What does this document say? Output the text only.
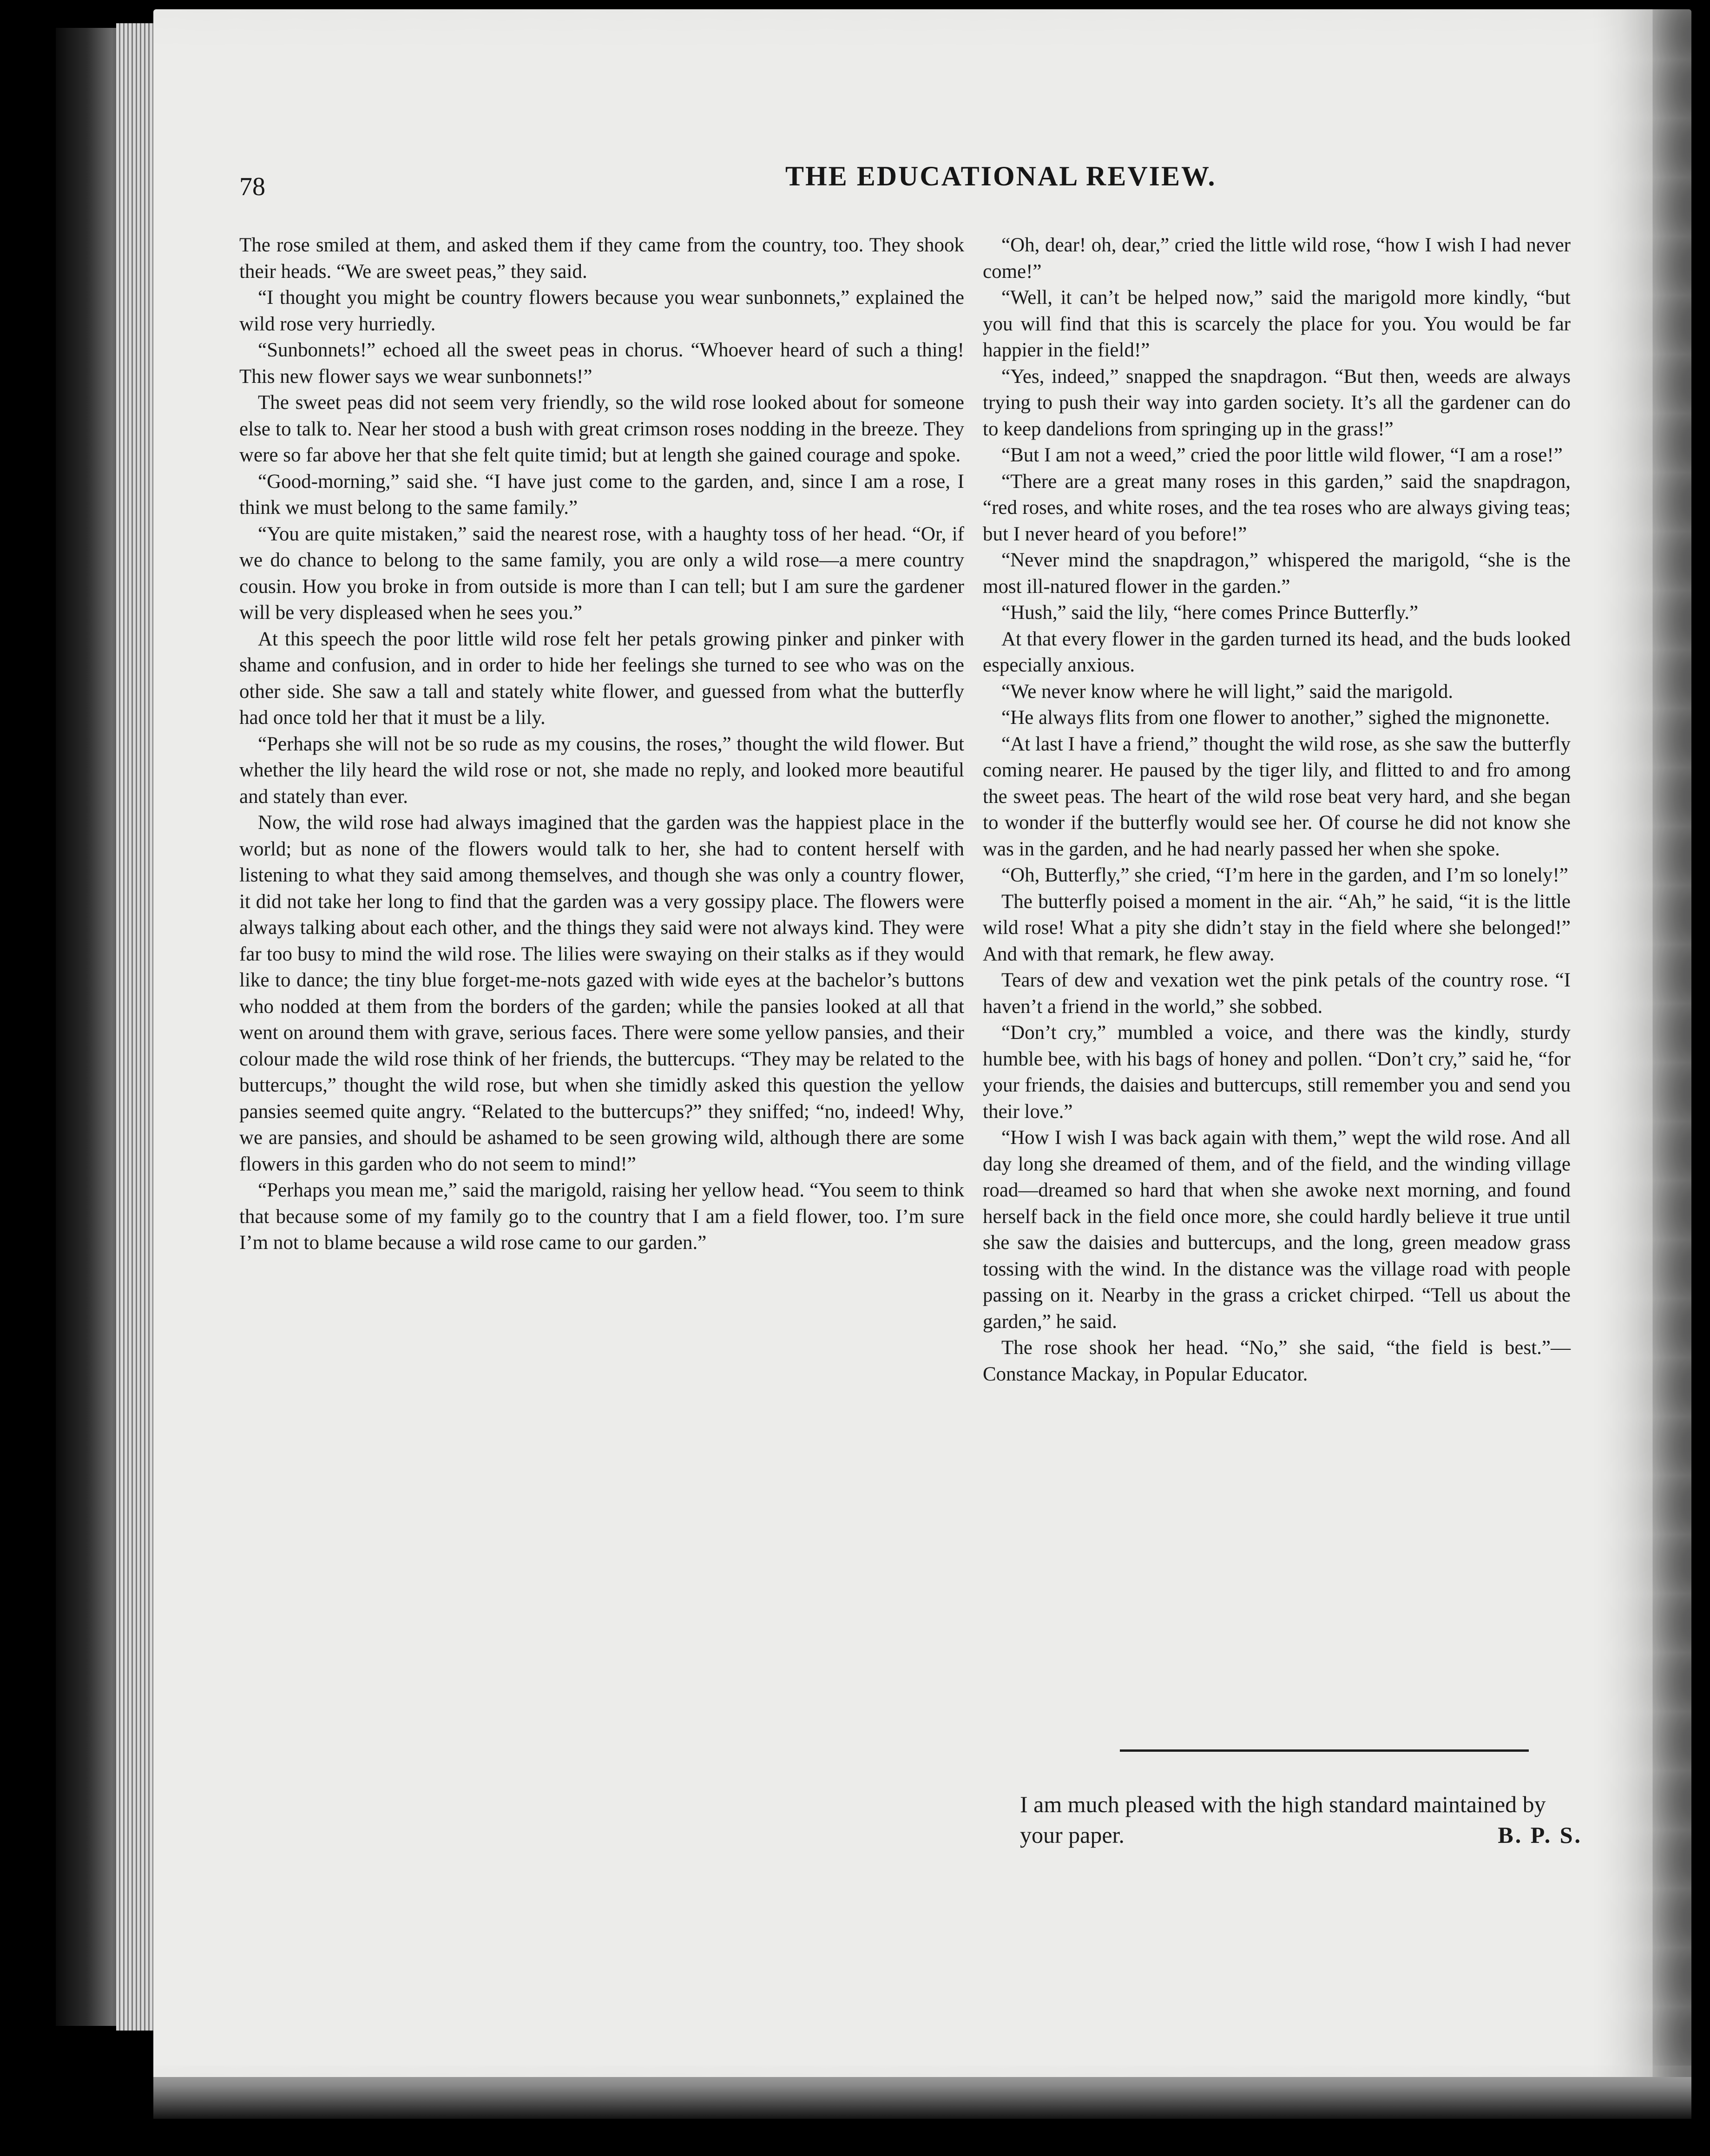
78	THE EDUCATIONAL REVIEW.

The rose smiled at them, and asked them if they came from the country, too. They shook their heads. “We are sweet peas,” they said.

“I thought you might be country flowers because you wear sunbonnets,” explained the wild rose very hurriedly.

“Sunbonnets!” echoed all the sweet peas in chorus. “Whoever heard of such a thing! This new flower says we wear sunbonnets!”

The sweet peas did not seem very friendly, so the wild rose looked about for someone else to talk to. Near her stood a bush with great crimson roses nodding in the breeze. They were so far above her that she felt quite timid; but at length she gained courage and spoke.

“Good-morning,” said she. “I have just come to the garden, and, since I am a rose, I think we must belong to the same family.”

“You are quite mistaken,” said the nearest rose, with a haughty toss of her head. “Or, if we do chance to belong to the same family, you are only a wild rose—a mere country cousin. How you broke in from outside is more than I can tell; but I am sure the gardener will be very displeased when he sees you.”

At this speech the poor little wild rose felt her petals growing pinker and pinker with shame and confusion, and in order to hide her feelings she turned to see who was on the other side. She saw a tall and stately white flower, and guessed from what the butterfly had once told her that it must be a lily.

“Perhaps she will not be so rude as my cousins, the roses,” thought the wild flower. But whether the lily heard the wild rose or not, she made no reply, and looked more beautiful and stately than ever.

Now, the wild rose had always imagined that the garden was the happiest place in the world; but as none of the flowers would talk to her, she had to content herself with listening to what they said among themselves, and though she was only a country flower, it did not take her long to find that the garden was a very gossipy place. The flowers were always talking about each other, and the things they said were not always kind. They were far too busy to mind the wild rose. The lilies were swaying on their stalks as if they would like to dance; the tiny blue forget-me-nots gazed with wide eyes at the bachelor’s buttons who nodded at them from the borders of the garden; while the pansies looked at all that went on around them with grave, serious faces. There were some yellow pansies, and their colour made the wild rose think of her friends, the buttercups. “They may be related to the buttercups,” thought the wild rose, but when she timidly asked this question the yellow pansies seemed quite angry. “Related to the buttercups?” they sniffed; “no, indeed! Why, we are pansies, and should be ashamed to be seen growing wild, although there are some flowers in this garden who do not seem to mind!”

“Perhaps you mean me,” said the marigold, raising her yellow head. “You seem to think that because some of my family go to the country that I am a field flower, too. I’m sure I’m not to blame because a wild rose came to our garden.”

“Oh, dear! oh, dear,” cried the little wild rose, “how I wish I had never come!”

“Well, it can’t be helped now,” said the marigold more kindly, “but you will find that this is scarcely the place for you. You would be far happier in the field!”

“Yes, indeed,” snapped the snapdragon. “But then, weeds are always trying to push their way into garden society. It’s all the gardener can do to keep dandelions from springing up in the grass!”

“But I am not a weed,” cried the poor little wild flower, “I am a rose!”

“There are a great many roses in this garden,” said the snapdragon, “red roses, and white roses, and the tea roses who are always giving teas; but I never heard of you before!”

“Never mind the snapdragon,” whispered the marigold, “she is the most ill-natured flower in the garden.”

“Hush,” said the lily, “here comes Prince Butterfly.”

At that every flower in the garden turned its head, and the buds looked especially anxious.

“We never know where he will light,” said the marigold.

“He always flits from one flower to another,” sighed the mignonette.

“At last I have a friend,” thought the wild rose, as she saw the butterfly coming nearer. He paused by the tiger lily, and flitted to and fro among the sweet peas. The heart of the wild rose beat very hard, and she began to wonder if the butterfly would see her. Of course he did not know she was in the garden, and he had nearly passed her when she spoke.

“Oh, Butterfly,” she cried, “I’m here in the garden, and I’m so lonely!”

The butterfly poised a moment in the air. “Ah,” he said, “it is the little wild rose! What a pity she didn’t stay in the field where she belonged!” And with that remark, he flew away.

Tears of dew and vexation wet the pink petals of the country rose. “I haven’t a friend in the world,” she sobbed.

“Don’t cry,” mumbled a voice, and there was the kindly, sturdy humble bee, with his bags of honey and pollen. “Don’t cry,” said he, “for your friends, the daisies and buttercups, still remember you and send you their love.”

“How I wish I was back again with them,” wept the wild rose. And all day long she dreamed of them, and of the field, and the winding village road—dreamed so hard that when she awoke next morning, and found herself back in the field once more, she could hardly believe it true until she saw the daisies and buttercups, and the long, green meadow grass tossing with the wind. In the distance was the village road with people passing on it. Nearby in the grass a cricket chirped. “Tell us about the garden,” he said.

The rose shook her head. “No,” she said, “the field is best.”—Constance Mackay, in Popular Educator.

I am much pleased with the high standard maintained by your paper.	B. P. S.
